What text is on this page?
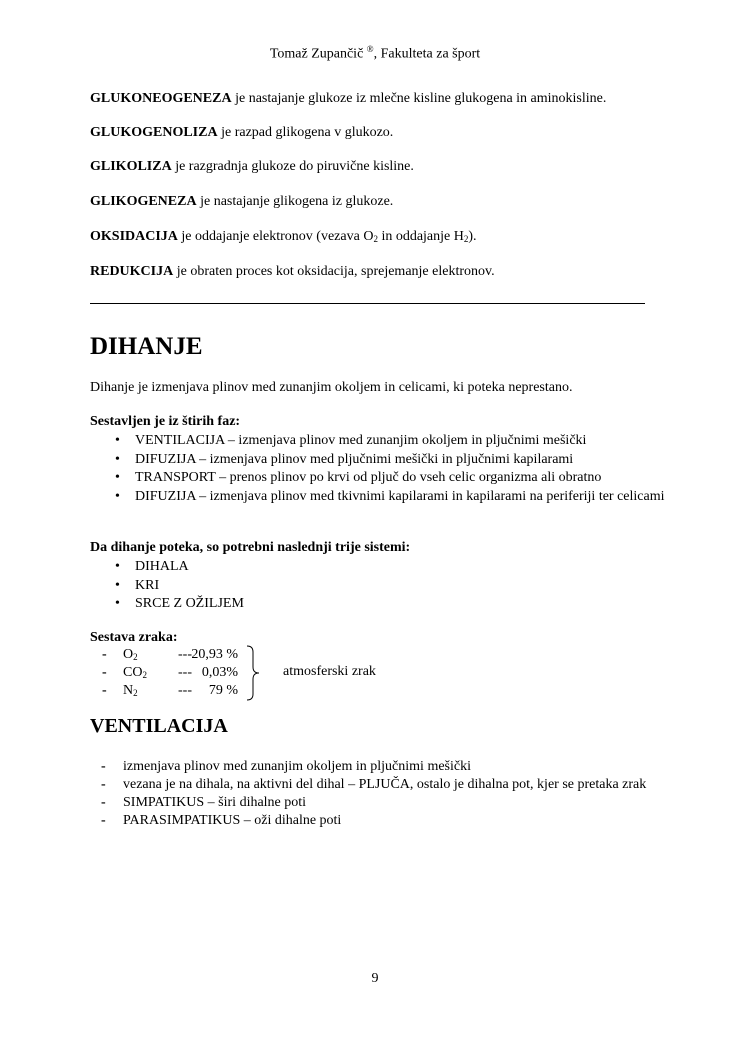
Tomaž Zupančič ®, Fakulteta za šport
GLUKONEOGENEZA je nastajanje glukoze iz mlečne kisline glukogena in aminokisline.
GLUKOGENOLIZA je razpad glikogena v glukozo.
GLIKOLIZA je razgradnja glukoze do piruvične kisline.
GLIKOGENEZA je nastajanje glikogena iz glukoze.
OKSIDACIJA je oddajanje elektronov (vezava $O_2$ in oddajanje $H_2$).
REDUKCIJA je obraten proces kot oksidacija, sprejemanje elektronov.
DIHANJE
Dihanje je izmenjava plinov med zunanjim okoljem in celicami, ki poteka neprestano.
Sestavljen je iz štirih faz:
• VENTILACIJA – izmenjava plinov med zunanjim okoljem in pljučnimi mešički
• DIFUZIJA – izmenjava plinov med pljučnimi mešički in pljučnimi kapilarami
• TRANSPORT – prenos plinov po krvi od pljuč do vseh celic organizma ali obratno
• DIFUZIJA – izmenjava plinov med tkivnimi kapilarami in kapilarami na periferiji ter celicami
Da dihanje poteka, so potrebni naslednji trije sistemi:
• DIHALA
• KRI
• SRCE Z OŽILJEM
Sestava zraka:
- $O_2$	--- 20,93 %
- $CO_2$ --- 0,03%
- $N_2$	---	79 %
atmosferski zrak
VENTILACIJA
- izmenjava plinov med zunanjim okoljem in pljučnimi mešički
- vezana je na dihala, na aktivni del dihal – PLJUČA, ostalo je dihalna pot, kjer se pretaka zrak
- SIMPATIKUS – širi dihalne poti
- PARASIMPATIKUS – oži dihalne poti
9
